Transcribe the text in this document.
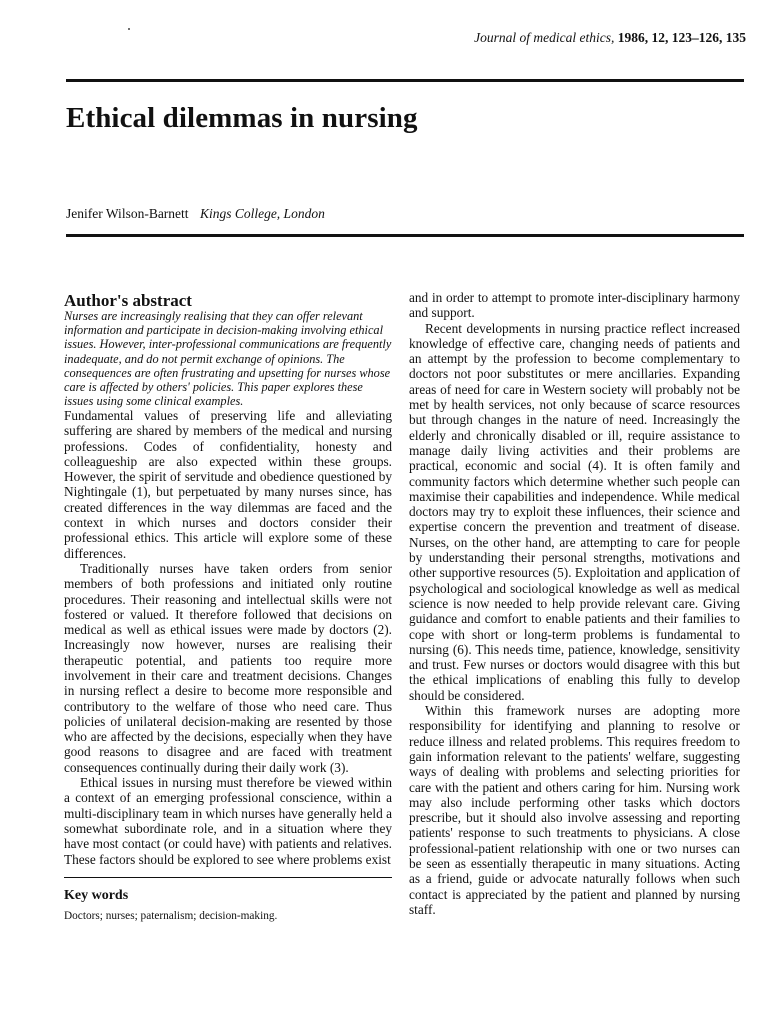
Journal of medical ethics, 1986, 12, 123–126, 135
Ethical dilemmas in nursing
Jenifer Wilson-Barnett Kings College, London
Author's abstract

Nurses are increasingly realising that they can offer relevant information and participate in decision-making involving ethical issues. However, inter-professional communications are frequently inadequate, and do not permit exchange of opinions. The consequences are often frustrating and upsetting for nurses whose care is affected by others' policies. This paper explores these issues using some clinical examples.

Fundamental values of preserving life and alleviating suffering are shared by members of the medical and nursing professions. Codes of confidentiality, honesty and colleagueship are also expected within these groups. However, the spirit of servitude and obedience questioned by Nightingale (1), but perpetuated by many nurses since, has created differences in the way dilemmas are faced and the context in which nurses and doctors consider their professional ethics. This article will explore some of these differences.

Traditionally nurses have taken orders from senior members of both professions and initiated only routine procedures. Their reasoning and intellectual skills were not fostered or valued. It therefore followed that decisions on medical as well as ethical issues were made by doctors (2). Increasingly now however, nurses are realising their therapeutic potential, and patients too require more involvement in their care and treatment decisions. Changes in nursing reflect a desire to become more responsible and contributory to the welfare of those who need care. Thus policies of unilateral decision-making are resented by those who are affected by the decisions, especially when they have good reasons to disagree and are faced with treatment consequences continually during their daily work (3).

Ethical issues in nursing must therefore be viewed within a context of an emerging professional conscience, within a multi-disciplinary team in which nurses have generally held a somewhat subordinate role, and in a situation where they have most contact (or could have) with patients and relatives. These factors should be explored to see where problems exist

Key words
Doctors; nurses; paternalism; decision-making.

and in order to attempt to promote inter-disciplinary harmony and support.

Recent developments in nursing practice reflect increased knowledge of effective care, changing needs of patients and an attempt by the profession to become complementary to doctors not poor substitutes or mere ancillaries. Expanding areas of need for care in Western society will probably not be met by health services, not only because of scarce resources but through changes in the nature of need. Increasingly the elderly and chronically disabled or ill, require assistance to manage daily living activities and their problems are practical, economic and social (4). It is often family and community factors which determine whether such people can maximise their capabilities and independence. While medical doctors may try to exploit these influences, their science and expertise concern the prevention and treatment of disease. Nurses, on the other hand, are attempting to care for people by understanding their personal strengths, motivations and other supportive resources (5). Exploitation and application of psychological and sociological knowledge as well as medical science is now needed to help provide relevant care. Giving guidance and comfort to enable patients and their families to cope with short or long-term problems is fundamental to nursing (6). This needs time, patience, knowledge, sensitivity and trust. Few nurses or doctors would disagree with this but the ethical implications of enabling this fully to develop should be considered.

Within this framework nurses are adopting more responsibility for identifying and planning to resolve or reduce illness and related problems. This requires freedom to gain information relevant to the patients' welfare, suggesting ways of dealing with problems and selecting priorities for care with the patient and others caring for him. Nursing work may also include performing other tasks which doctors prescribe, but it should also involve assessing and reporting patients' response to such treatments to physicians. A close professional-patient relationship with one or two nurses can be seen as essentially therapeutic in many situations. Acting as a friend, guide or advocate naturally follows when such contact is appreciated by the patient and planned by nursing staff.
